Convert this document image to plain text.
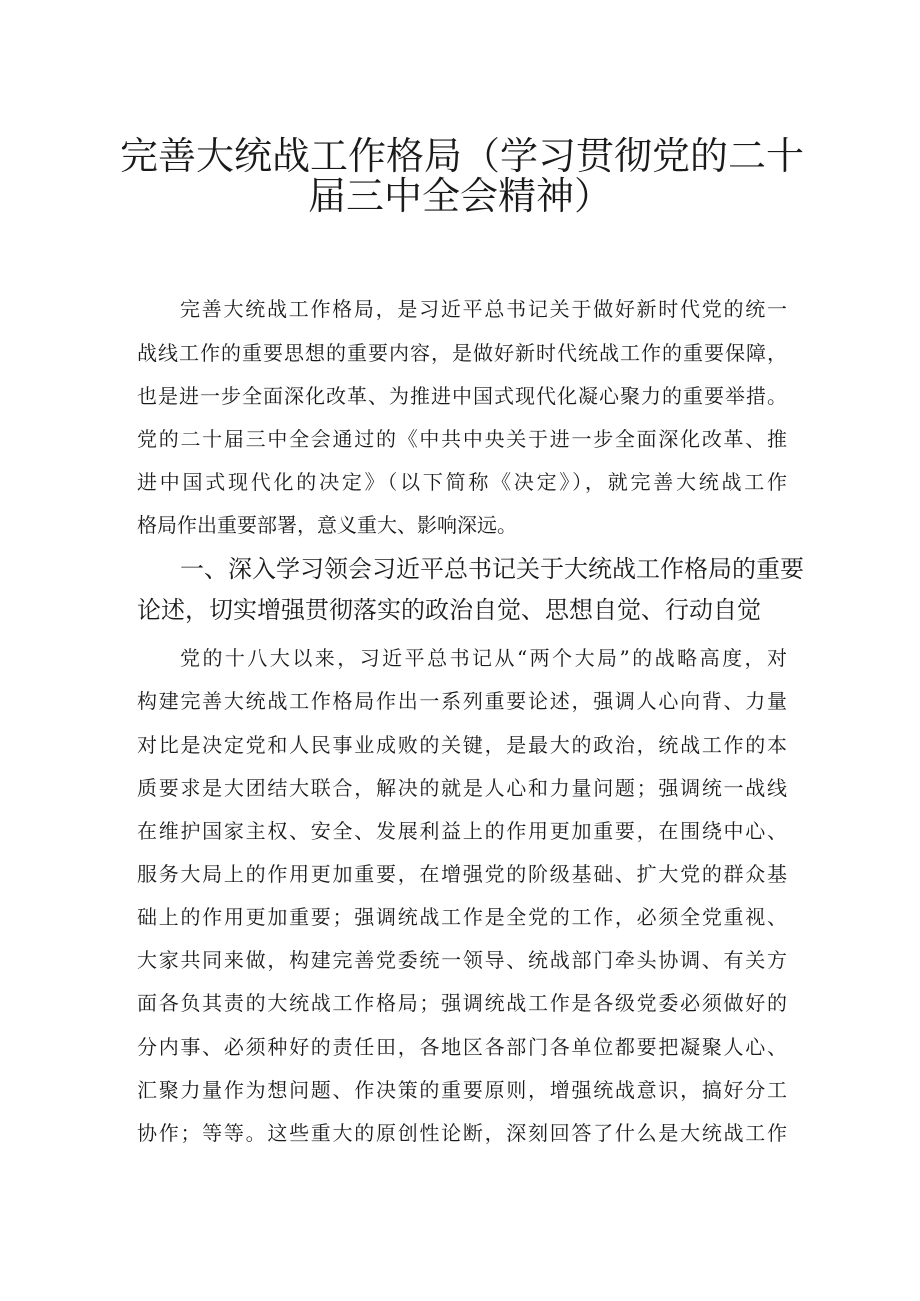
完善大统战工作格局（学习贯彻党的二十
届三中全会精神）
完善大统战工作格局，是习近平总书记关于做好新时代党的统一
战线工作的重要思想的重要内容，是做好新时代统战工作的重要保障，
也是进一步全面深化改革、为推进中国式现代化凝心聚力的重要举措。
党的二十届三中全会通过的《中共中央关于进一步全面深化改革、推
进中国式现代化的决定》（以下简称《决定》），就完善大统战工作
格局作出重要部署，意义重大、影响深远。
一、深入学习领会习近平总书记关于大统战工作格局的重要
论述，切实增强贯彻落实的政治自觉、思想自觉、行动自觉
党的十八大以来，习近平总书记从“两个大局”的战略高度，对
构建完善大统战工作格局作出一系列重要论述，强调人心向背、力量
对比是决定党和人民事业成败的关键，是最大的政治，统战工作的本
质要求是大团结大联合，解决的就是人心和力量问题；强调统一战线
在维护国家主权、安全、发展利益上的作用更加重要，在围绕中心、
服务大局上的作用更加重要，在增强党的阶级基础、扩大党的群众基
础上的作用更加重要；强调统战工作是全党的工作，必须全党重视、
大家共同来做，构建完善党委统一领导、统战部门牵头协调、有关方
面各负其责的大统战工作格局；强调统战工作是各级党委必须做好的
分内事、必须种好的责任田，各地区各部门各单位都要把凝聚人心、
汇聚力量作为想问题、作决策的重要原则，增强统战意识，搞好分工
协作；等等。这些重大的原创性论断，深刻回答了什么是大统战工作
